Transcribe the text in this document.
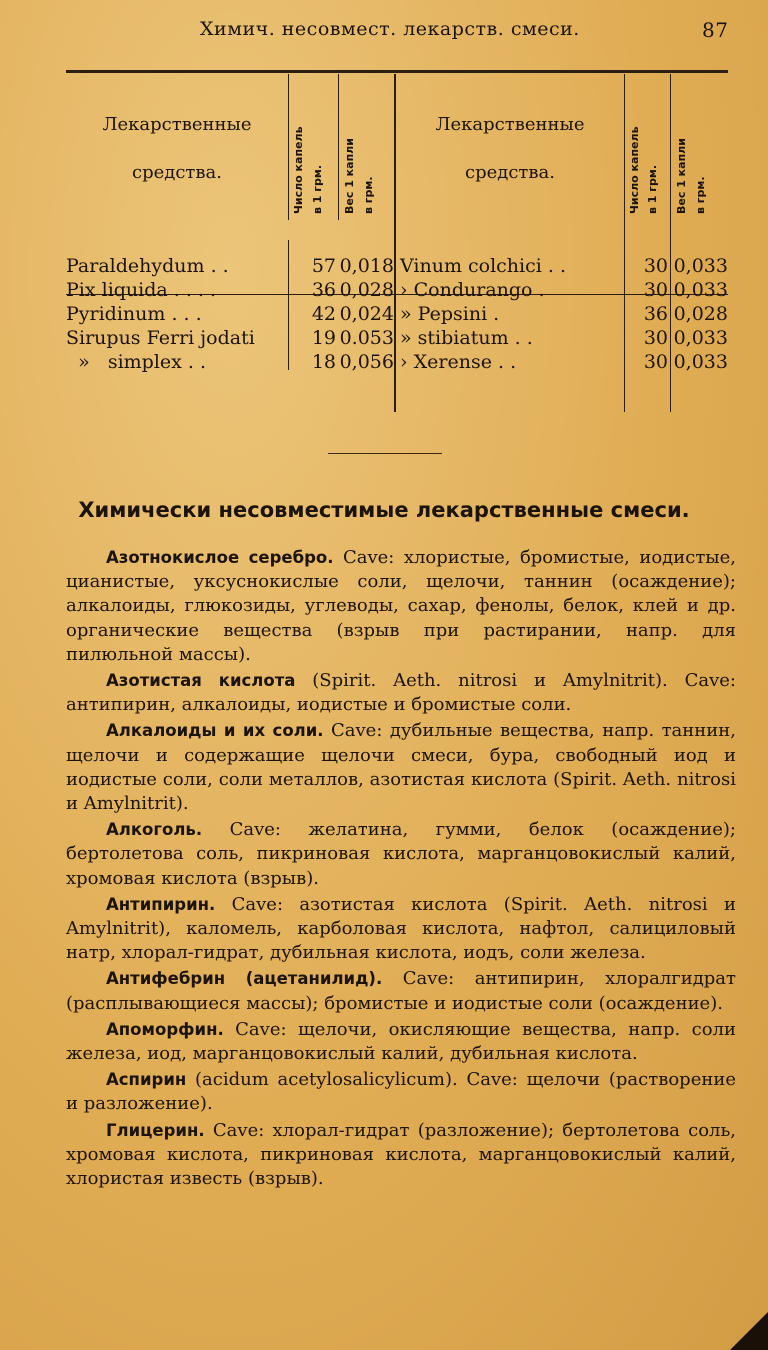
Химич. несовмест. лекарств. смеси.	87
Лекарственные
средства.	Число капель в 1 грм. Вес 1 капли в грм.
Лекарственные
средства.	Число капель в 1 грм. Вес 1 капли в грм.
Paraldehydum . .	57 0,018 Vinum colchici . .	30 0,033
Pix liquida . . . .	36 0,028 › Condurango .	30 0,033
Pyridinum . . .	42 0,024 » Pepsini .	36 0,028
Sirupus Ferri jodati	19 0.053 » stibiatum . .	30 0,033
»   simplex . .	18 0,056 › Xerense . .	30 0,033
Химически несовместимые лекарственные смеси.

Азотнокислое серебро. Cave: хлористые, бромистые, иодистые, цианистые, уксуснокислые соли, щелочи, таннин (осаждение); алкалоиды, глюкозиды, углеводы, сахар, фенолы, белок, клей и др. органические вещества (взрыв при растирании, напр. для пилюльной массы).

Азотистая кислота (Spirit. Aeth. nitrosi и Amylnitrit). Cave: антипирин, алкалоиды, иодистые и бромистые соли.

Алкалоиды и их соли. Cave: дубильные вещества, напр. таннин, щелочи и содержащие щелочи смеси, бура, свободный иод и иодистые соли, соли металлов, азотистая кислота (Spirit. Aeth. nitrosi и Amylnitrit).

Алкоголь. Cave: желатина, гумми, белок (осаждение); бертолетова соль, пикриновая кислота, марганцовокислый калий, хромовая кислота (взрыв).

Антипирин. Cave: азотистая кислота (Spirit. Aeth. nitrosi и Amylnitrit), каломель, карболовая кислота, нафтол, салициловый натр, хлорал-гидрат, дубильная кислота, иодъ, соли железа.

Антифебрин (ацетанилид). Cave: антипирин, хлоралгидрат (расплывающиеся массы); бромистые и иодистые соли (осаждение).

Апоморфин. Cave: щелочи, окисляющие вещества, напр. соли железа, иод, марганцовокислый калий, дубильная кислота.

Аспирин (acidum acetylosalicylicum). Cave: щелочи (растворение и разложение).

Глицерин. Cave: хлорал-гидрат (разложение); бертолетова соль, хромовая кислота, пикриновая кислота, марганцовокислый калий, хлористая известь (взрыв).
